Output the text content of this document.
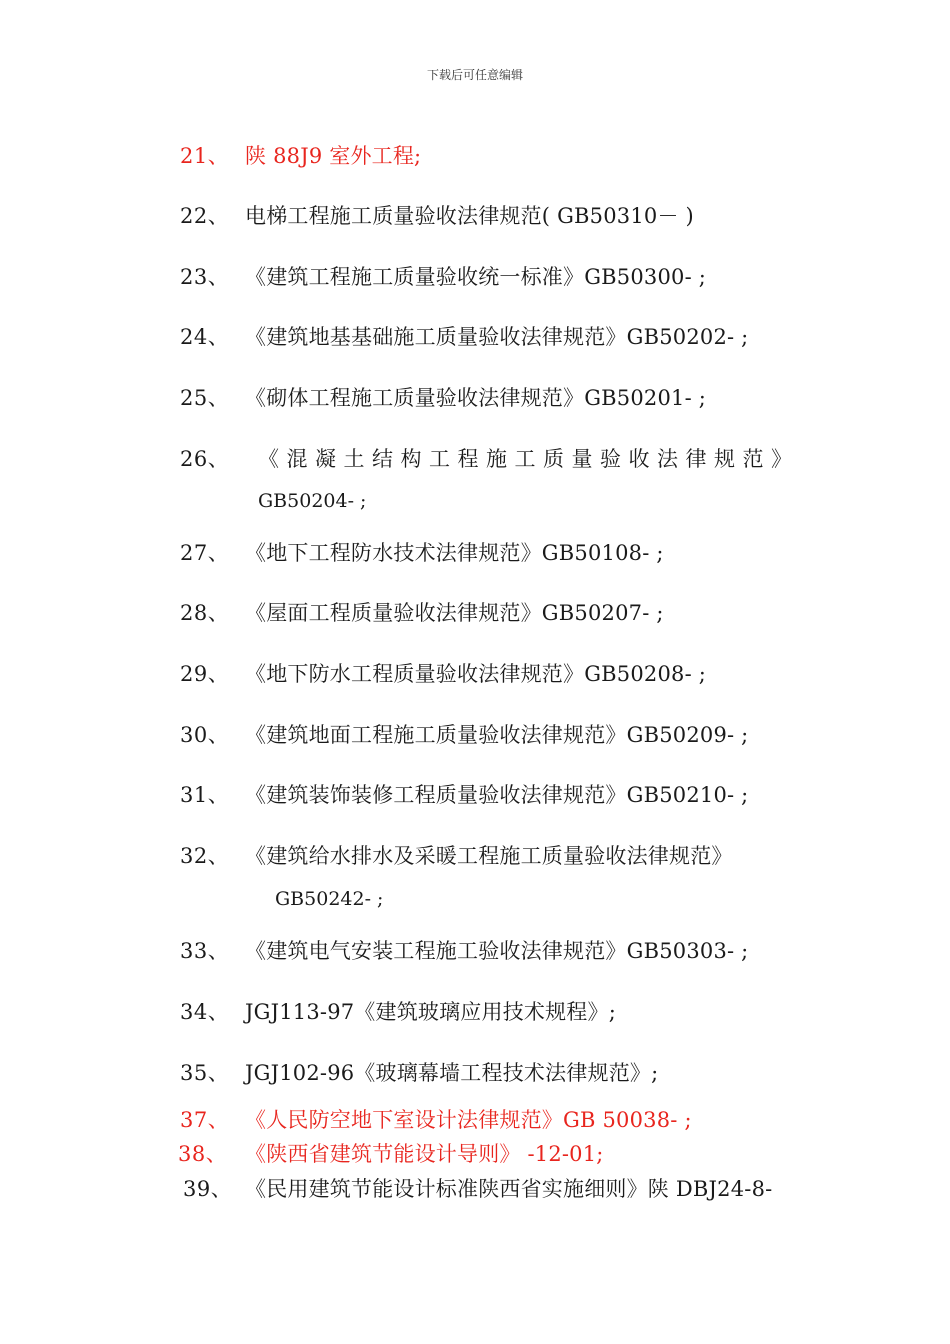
下载后可任意编辑
21、 陕 88J9 室外工程;
22、 电梯工程施工质量验收法律规范( GB50310－ )
23、 《建筑工程施工质量验收统一标准》GB50300- ;
24、 《建筑地基基础施工质量验收法律规范》GB50202- ;
25、 《砌体工程施工质量验收法律规范》GB50201- ;
26、 《混凝土结构工程施工质量验收法律规范》
GB50204- ;
27、 《地下工程防水技术法律规范》GB50108- ;
28、 《屋面工程质量验收法律规范》GB50207- ;
29、 《地下防水工程质量验收法律规范》GB50208- ;
30、 《建筑地面工程施工质量验收法律规范》GB50209- ;
31、 《建筑装饰装修工程质量验收法律规范》GB50210- ;
32、 《建筑给水排水及采暖工程施工质量验收法律规范》
GB50242- ;
33、 《建筑电气安装工程施工验收法律规范》GB50303- ;
34、 JGJ113-97《建筑玻璃应用技术规程》;
35、 JGJ102-96《玻璃幕墙工程技术法律规范》;
37、 《人民防空地下室设计法律规范》GB 50038- ;
38、 《陕西省建筑节能设计导则》 -12-01;
39、 《民用建筑节能设计标准陕西省实施细则》陕 DBJ24-8-
